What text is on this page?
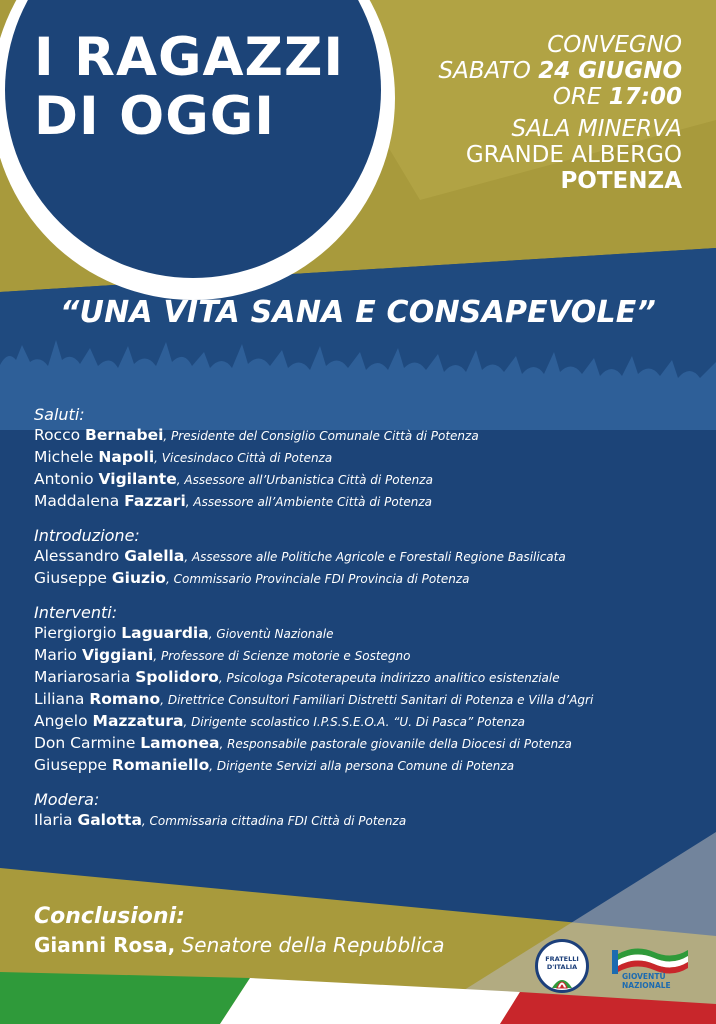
I RAGAZZI
DI OGGI
CONVEGNO
SABATO 24 GIUGNO
ORE 17:00
SALA MINERVA
GRANDE ALBERGO
POTENZA
“UNA VITA SANA E CONSAPEVOLE”
Saluti:
Rocco Bernabei, Presidente del Consiglio Comunale Città di Potenza
Michele Napoli, Vicesindaco Città di Potenza
Antonio Vigilante, Assessore all’Urbanistica Città di Potenza
Maddalena Fazzari, Assessore all’Ambiente Città di Potenza
Introduzione:
Alessandro Galella, Assessore alle Politiche Agricole e Forestali Regione Basilicata
Giuseppe Giuzio, Commissario Provinciale FDI Provincia di Potenza
Interventi:
Piergiorgio Laguardia, Gioventù Nazionale
Mario Viggiani, Professore di Scienze motorie e Sostegno
Mariarosaria Spolidoro, Psicologa Psicoterapeuta indirizzo analitico esistenziale
Liliana Romano, Direttrice Consultori Familiari Distretti Sanitari di Potenza e Villa d’Agri
Angelo Mazzatura, Dirigente scolastico I.P.S.S.E.O.A. “U. Di Pasca” Potenza
Don Carmine Lamonea, Responsabile pastorale giovanile della Diocesi di Potenza
Giuseppe Romaniello, Dirigente Servizi alla persona Comune di Potenza
Modera:
Ilaria Galotta, Commissaria cittadina FDI Città di Potenza
Conclusioni:
Gianni Rosa, Senatore della Repubblica
FRATELLI
D'ITALIA
GIOVENTÙ
NAZIONALE
